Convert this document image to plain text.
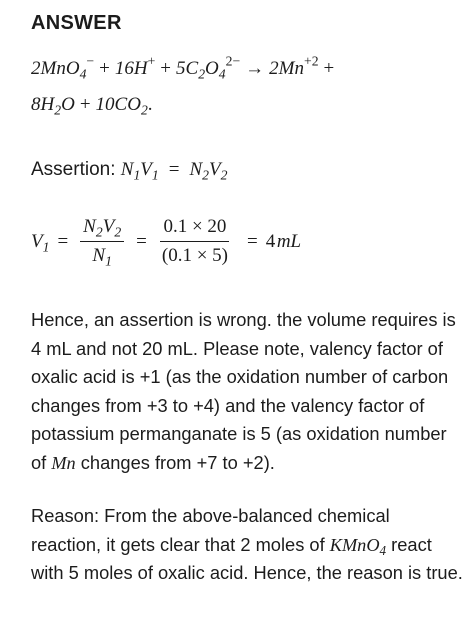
ANSWER
$2MnO_4^- + 16H^+ + 5C_2O_4^{2-} \to 2Mn^{+2}$ +
$8H_2O + 10CO_2$.
Assertion: $N_1V_1 = N_2V_2$
$V_1 = \frac{N_2V_2}{N_1} = \frac{0.1 \times 20}{(0.1 \times 5)} = 4$ mL
Hence, an assertion is wrong. the volume requires is 4 mL and not 20 mL. Please note, valency factor of oxalic acid is +1 (as the oxidation number of carbon changes from +3 to +4) and the valency factor of potassium permanganate is 5 (as oxidation number of Mn changes from +7 to +2).
Reason: From the above-balanced chemical reaction, it gets clear that 2 moles of KMnO$_4$ react with 5 moles of oxalic acid. Hence, the reason is true.
